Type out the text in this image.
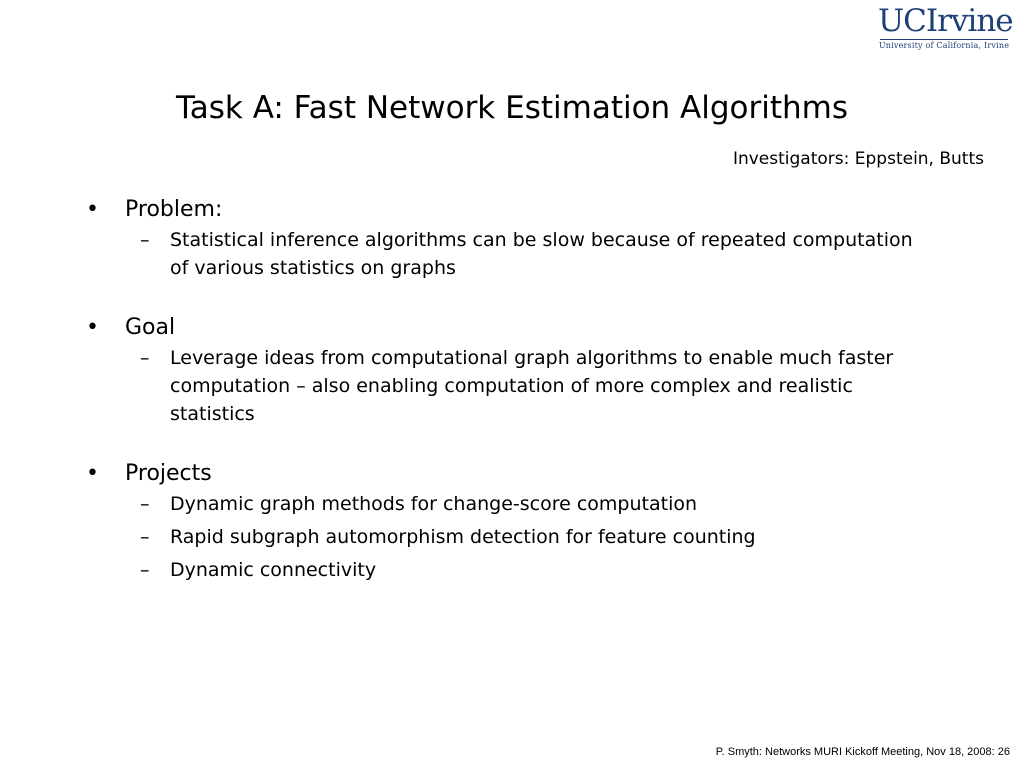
UCIrvine
University of California, Irvine
Task A: Fast Network Estimation Algorithms
Investigators: Eppstein, Butts
• Problem:
– Statistical inference algorithms can be slow because of repeated computation of various statistics on graphs
• Goal
– Leverage ideas from computational graph algorithms to enable much faster computation – also enabling computation of more complex and realistic statistics
• Projects
– Dynamic graph methods for change-score computation
– Rapid subgraph automorphism detection for feature counting
– Dynamic connectivity
P. Smyth: Networks MURI Kickoff Meeting, Nov 18, 2008: 26
